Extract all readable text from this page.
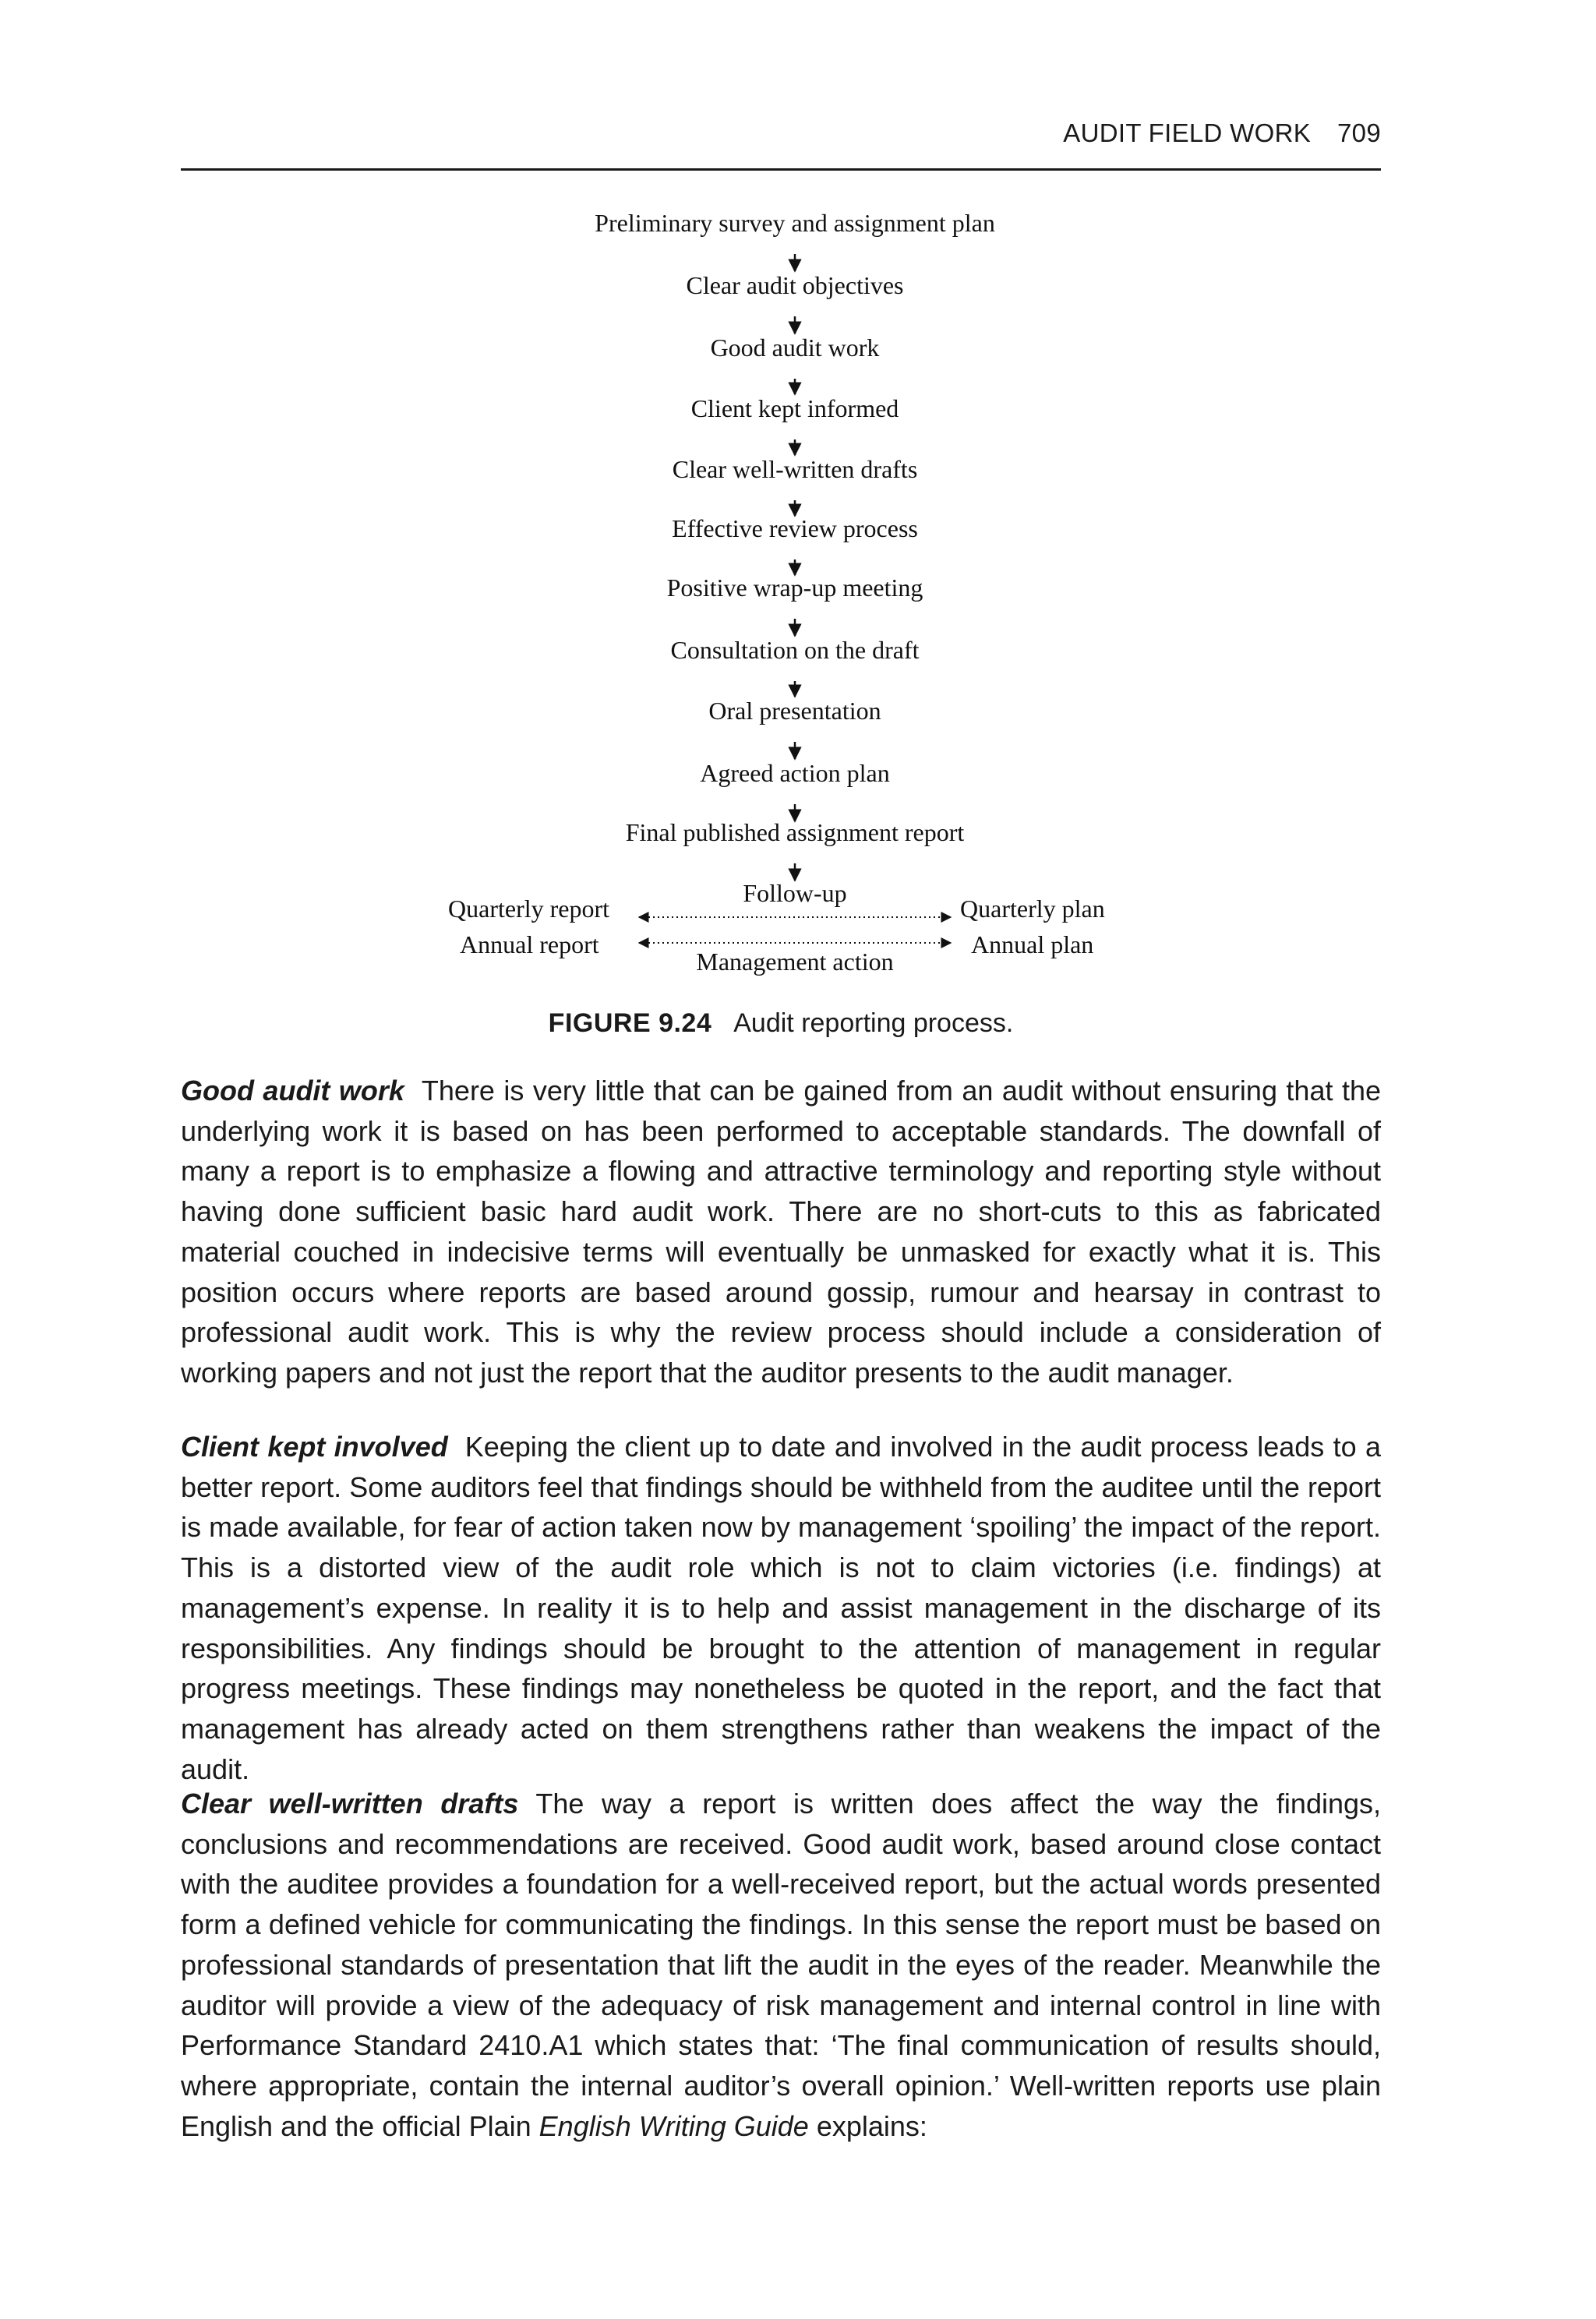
AUDIT FIELD WORK 709
Preliminary survey and assignment plan
Clear audit objectives
Good audit work
Client kept informed
Clear well-written drafts
Effective review process
Positive wrap-up meeting
Consultation on the draft
Oral presentation
Agreed action plan
Final published assignment report
Follow-up
Management action
Quarterly report
Annual report
Quarterly plan
Annual plan
FIGURE 9.24 Audit reporting process.
Good audit work There is very little that can be gained from an audit without ensuring that the underlying work it is based on has been performed to acceptable standards. The downfall of many a report is to emphasize a flowing and attractive terminology and reporting style without having done sufficient basic hard audit work. There are no short-cuts to this as fabricated material couched in indecisive terms will eventually be unmasked for exactly what it is. This position occurs where reports are based around gossip, rumour and hearsay in contrast to professional audit work. This is why the review process should include a consideration of working papers and not just the report that the auditor presents to the audit manager.
Client kept involved Keeping the client up to date and involved in the audit process leads to a better report. Some auditors feel that findings should be withheld from the auditee until the report is made available, for fear of action taken now by management ‘spoiling’ the impact of the report. This is a distorted view of the audit role which is not to claim victories (i.e. findings) at management’s expense. In reality it is to help and assist management in the discharge of its responsibilities. Any findings should be brought to the attention of management in regular progress meetings. These findings may nonetheless be quoted in the report, and the fact that management has already acted on them strengthens rather than weakens the impact of the audit.
Clear well-written drafts The way a report is written does affect the way the findings, conclusions and recommendations are received. Good audit work, based around close contact with the auditee provides a foundation for a well-received report, but the actual words presented form a defined vehicle for communicating the findings. In this sense the report must be based on professional standards of presentation that lift the audit in the eyes of the reader. Meanwhile the auditor will provide a view of the adequacy of risk management and internal control in line with Performance Standard 2410.A1 which states that: ‘The final communication of results should, where appropriate, contain the internal auditor’s overall opinion.’ Well-written reports use plain English and the official Plain English Writing Guide explains:
